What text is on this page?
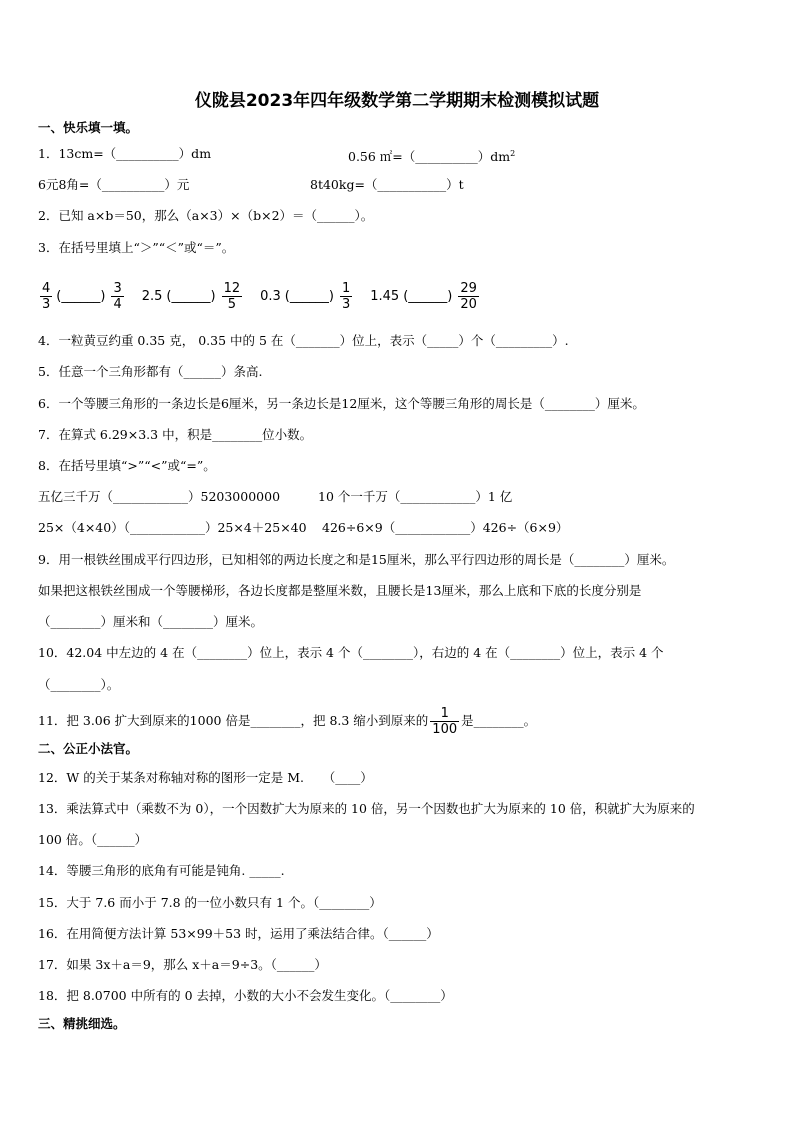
仪陇县2023年四年级数学第二学期期末检测模拟试题
一、快乐填一填。
1．13cm=（__________）dm	0.56 $㎡=(\_\_\_\_\_\_\_\_\_\_)dm^2$
6元8角=（__________）元	8t40kg=（___________）t
2．已知 a×b＝50，那么（a×3）×（b×2）＝（______）。
3．在括号里填上“＞”“＜”或“＝”。
$\frac{4}{3}$ (______) $\frac{3}{4} 2.5$ (______) $\frac{12}{5} 0.3$ (______) $\frac{1}{3} 1.45$ (______) $\frac{29}{20}$
4．一粒黄豆约重 0.35 克， 0.35 中的 5 在（_______）位上，表示（_____）个（_________）.
5．任意一个三角形都有（______）条高.
6．一个等腰三角形的一条边长是6厘米，另一条边长是12厘米，这个等腰三角形的周长是（________）厘米。
7．在算式 6.29×3.3 中，积是________位小数。
8．在括号里填“>”“<”或“=”。
五亿三千万（____________）5203000000	10 个一千万（____________）1 亿
25×（4×40）（____________）25×4＋25×40 426÷6×9（____________）426÷（6×9）
9．用一根铁丝围成平行四边形，已知相邻的两边长度之和是15厘米，那么平行四边形的周长是（________）厘米。
如果把这根铁丝围成一个等腰梯形，各边长度都是整厘米数，且腰长是13厘米，那么上底和下底的长度分别是
（________）厘米和（________）厘米。
10．42.04 中左边的 4 在（________）位上，表示 4 个（________），右边的 4 在（________）位上，表示 4 个
（________）。
11．把 3.06 扩大到原来的1000 倍是________，把 8.3 缩小到原来的 $\frac{1}{100}$ 是________。
二、公正小法官。
12．W 的关于某条对称轴对称的图形一定是 M.　　（____）
13．乘法算式中（乘数不为 0），一个因数扩大为原来的 10 倍，另一个因数也扩大为原来的 10 倍，积就扩大为原来的
100 倍。（______）
14．等腰三角形的底角有可能是钝角. _____.
15．大于 7.6 而小于 7.8 的一位小数只有 1 个。（________）
16．在用简便方法计算 53×99＋53 时，运用了乘法结合律。（______）
17．如果 3x＋a＝9，那么 x＋a＝9÷3。（______）
18．把 8.0700 中所有的 0 去掉，小数的大小不会发生变化。（________）
三、精挑细选。
